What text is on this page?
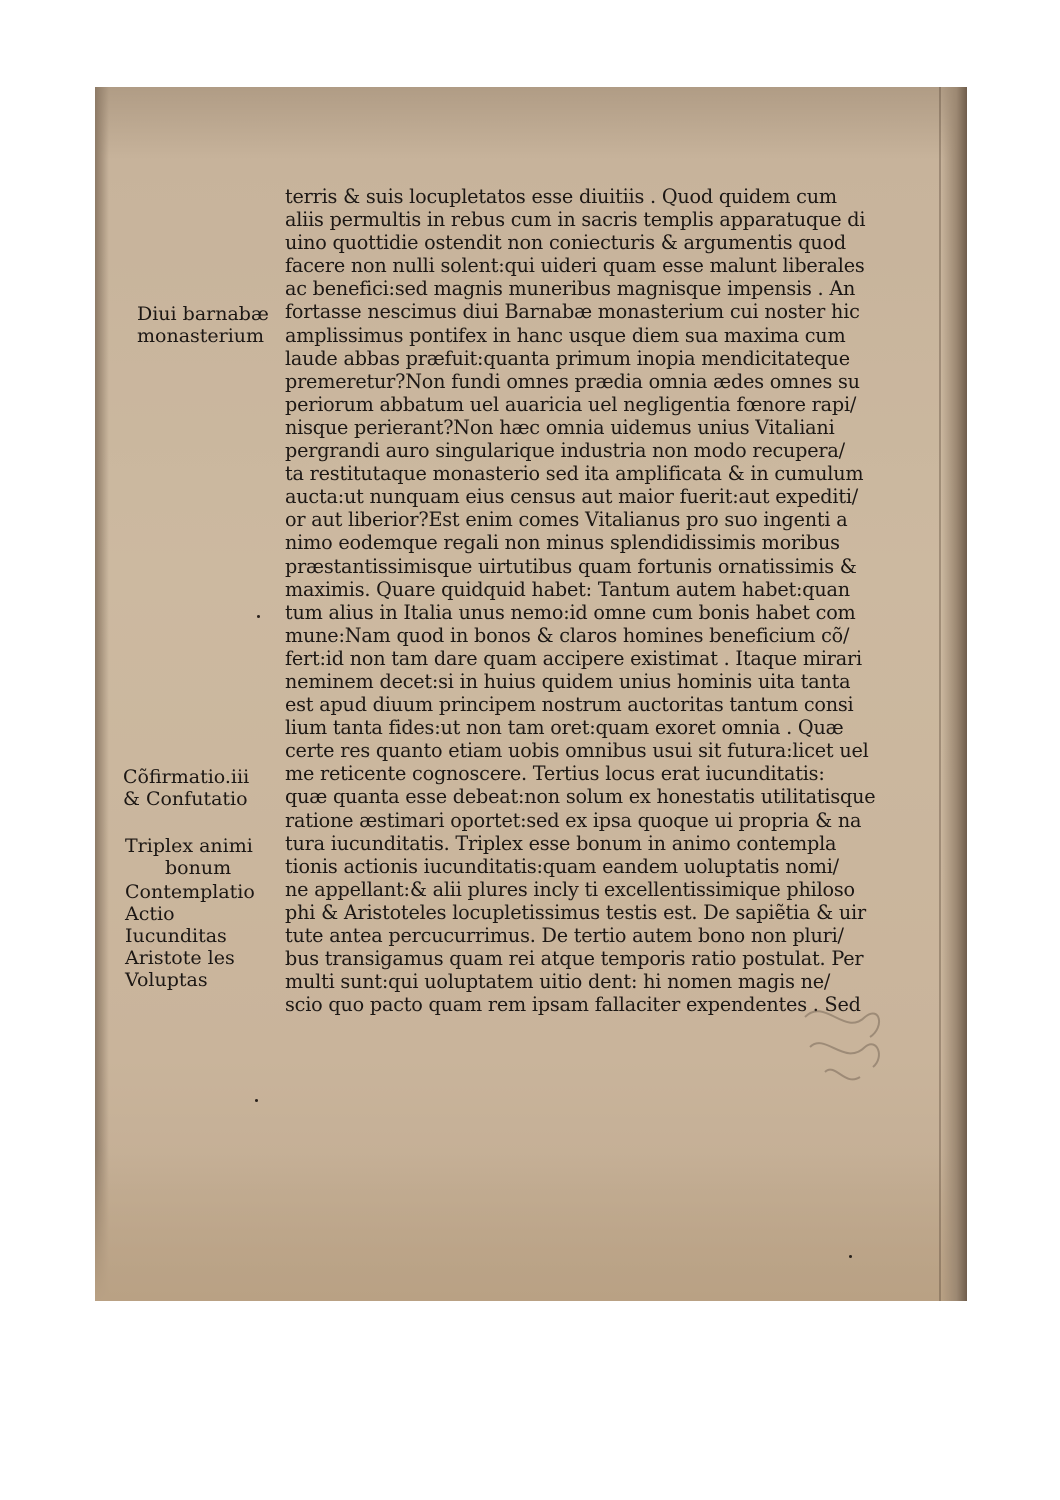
terris & suis locupletatos esse diuitiis . Quod quidem cum
aliis permultis in rebus cum in sacris templis apparatuque di
uino quottidie ostendit non coniecturis & argumentis quod
facere non nulli solent:qui uideri quam esse malunt liberales
ac benefici:sed magnis muneribus magnisque impensis . An
fortasse nescimus diui Barnabæ monasterium cui noster hic
amplissimus pontifex in hanc usque diem sua maxima cum
laude abbas præfuit:quanta primum inopia mendicitateque
premeretur?Non fundi omnes prædia omnia ædes omnes su
periorum abbatum uel auaricia uel negligentia fœnore rapi/
nisque perierant?Non hæc omnia uidemus unius Vitaliani
pergrandi auro singularique industria non modo recupera/
ta restitutaque monasterio sed ita amplificata & in cumulum
aucta:ut nunquam eius census aut maior fuerit:aut expediti/
or aut liberior?Est enim comes Vitalianus pro suo ingenti a
nimo eodemque regali non minus splendidissimis moribus
præstantissimisque uirtutibus quam fortunis ornatissimis &
maximis. Quare quidquid habet: Tantum autem habet:quan
tum alius in Italia unus nemo:id omne cum bonis habet com
mune:Nam quod in bonos & claros homines beneficium cõ/
fert:id non tam dare quam accipere existimat . Itaque mirari
neminem decet:si in huius quidem unius hominis uita tanta
est apud diuum principem nostrum auctoritas tantum consi
lium tanta fides:ut non tam oret:quam exoret omnia . Quæ
certe res quanto etiam uobis omnibus usui sit futura:licet uel
me reticente cognoscere. Tertius locus erat iucunditatis:
quæ quanta esse debeat:non solum ex honestatis utilitatisque
ratione æstimari oportet:sed ex ipsa quoque ui propria & na
tura iucunditatis. Triplex esse bonum in animo contempla
tionis actionis iucunditatis:quam eandem uoluptatis nomi/
ne appellant:& alii plures incly ti excellentissimique philoso
phi & Aristoteles locupletissimus testis est. De sapiẽtia & uir
tute antea percucurrimus. De tertio autem bono non pluri/
bus transigamus quam rei atque temporis ratio postulat. Per
multi sunt:qui uoluptatem uitio dent: hi nomen magis ne/
scio quo pacto quam rem ipsam fallaciter expendentes . Sed
Diui barnabæ
monasterium
Cõfirmatio.iii
& Confutatio
Triplex animi
bonum
Contemplatio
Actio
Iucunditas
Aristote les
Voluptas
